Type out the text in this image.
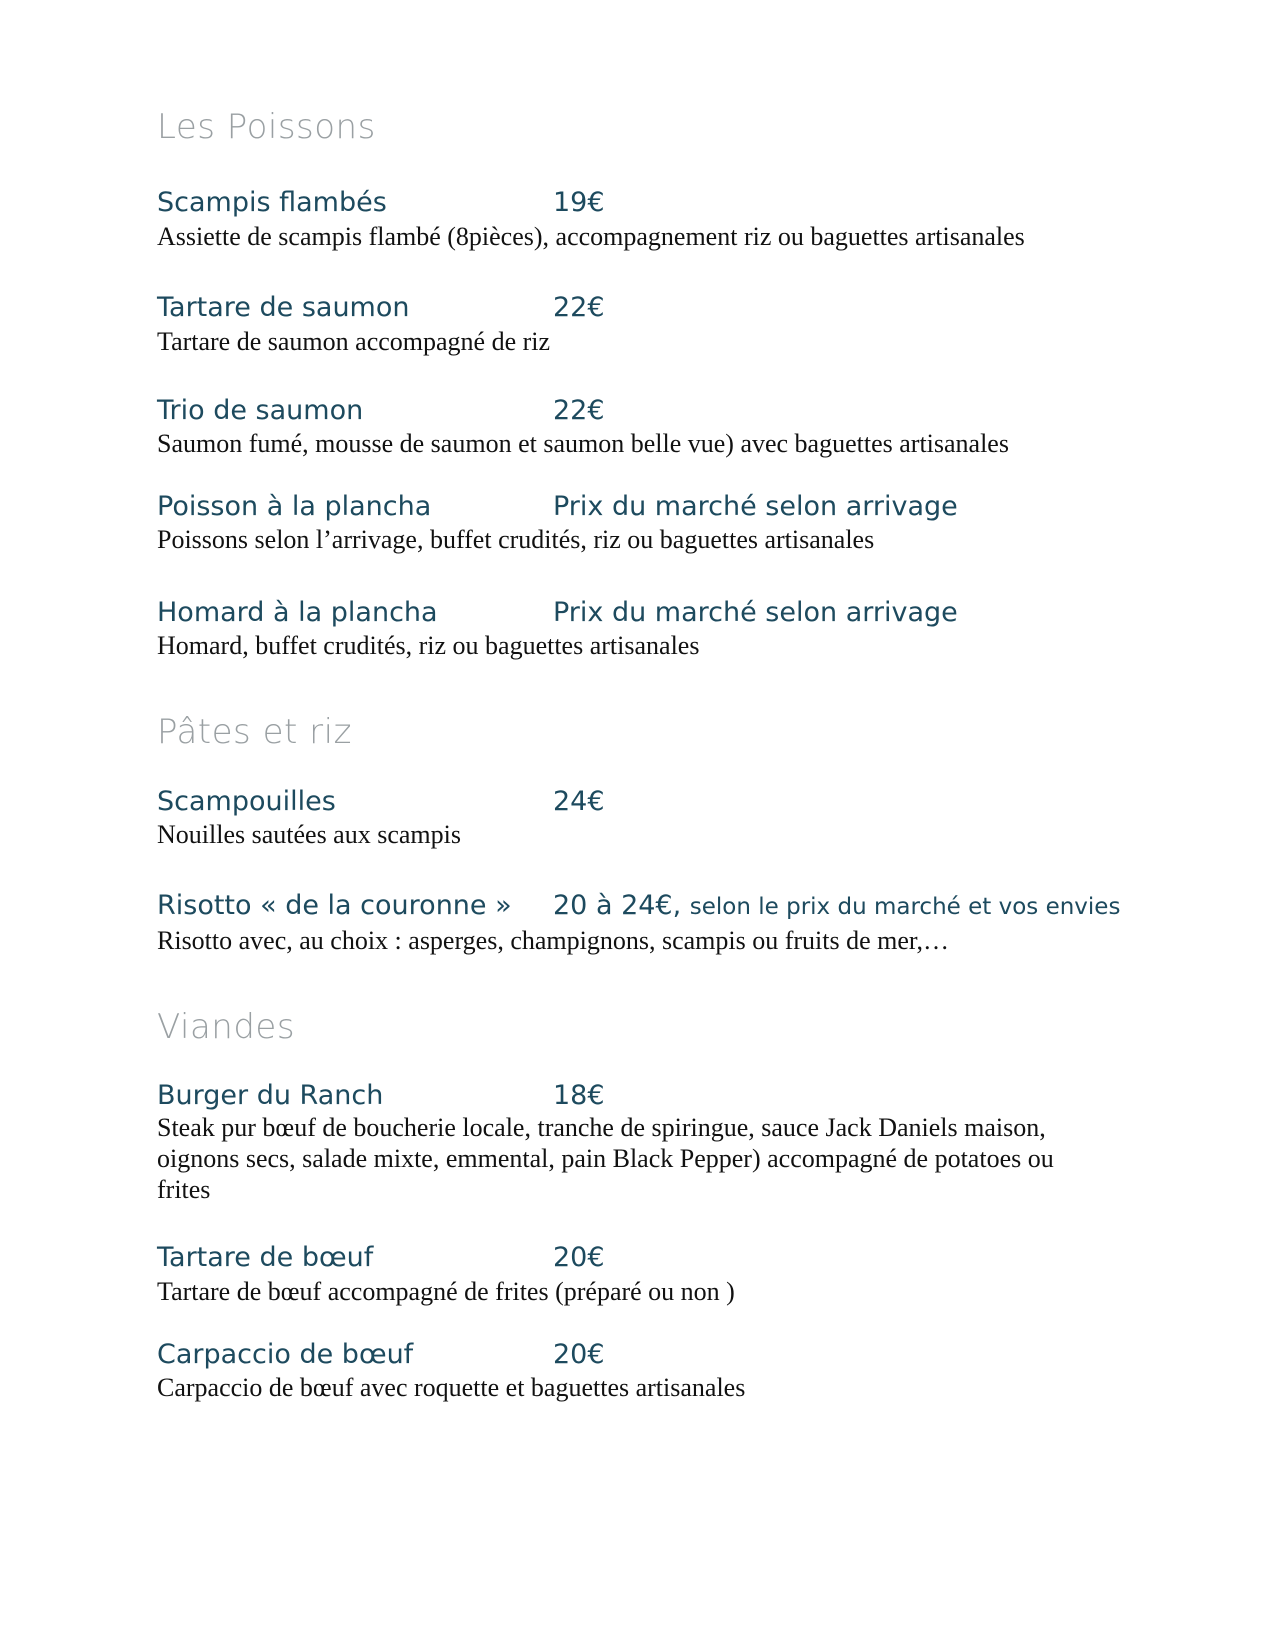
Les Poissons
Scampis flambés	19€
Assiette de scampis flambé (8pièces), accompagnement riz ou baguettes artisanales
Tartare de saumon	22€
Tartare de saumon accompagné de riz
Trio de saumon	22€
Saumon fumé, mousse de saumon et saumon belle vue) avec baguettes artisanales
Poisson à la plancha	Prix du marché selon arrivage
Poissons selon l’arrivage, buffet crudités, riz ou baguettes artisanales
Homard à la plancha	Prix du marché selon arrivage
Homard, buffet crudités, riz ou baguettes artisanales
Pâtes et riz
Scampouilles	24€
Nouilles sautées aux scampis
Risotto « de la couronne » 20 à 24€, selon le prix du marché et vos envies
Risotto avec, au choix : asperges, champignons, scampis ou fruits de mer,…
Viandes
Burger du Ranch	18€
Steak pur bœuf de boucherie locale, tranche de spiringue, sauce Jack Daniels maison, oignons secs, salade mixte, emmental, pain Black Pepper) accompagné de potatoes ou frites
Tartare de bœuf	20€
Tartare de bœuf accompagné de frites (préparé ou non )
Carpaccio de bœuf	20€
Carpaccio de bœuf avec roquette et baguettes artisanales
